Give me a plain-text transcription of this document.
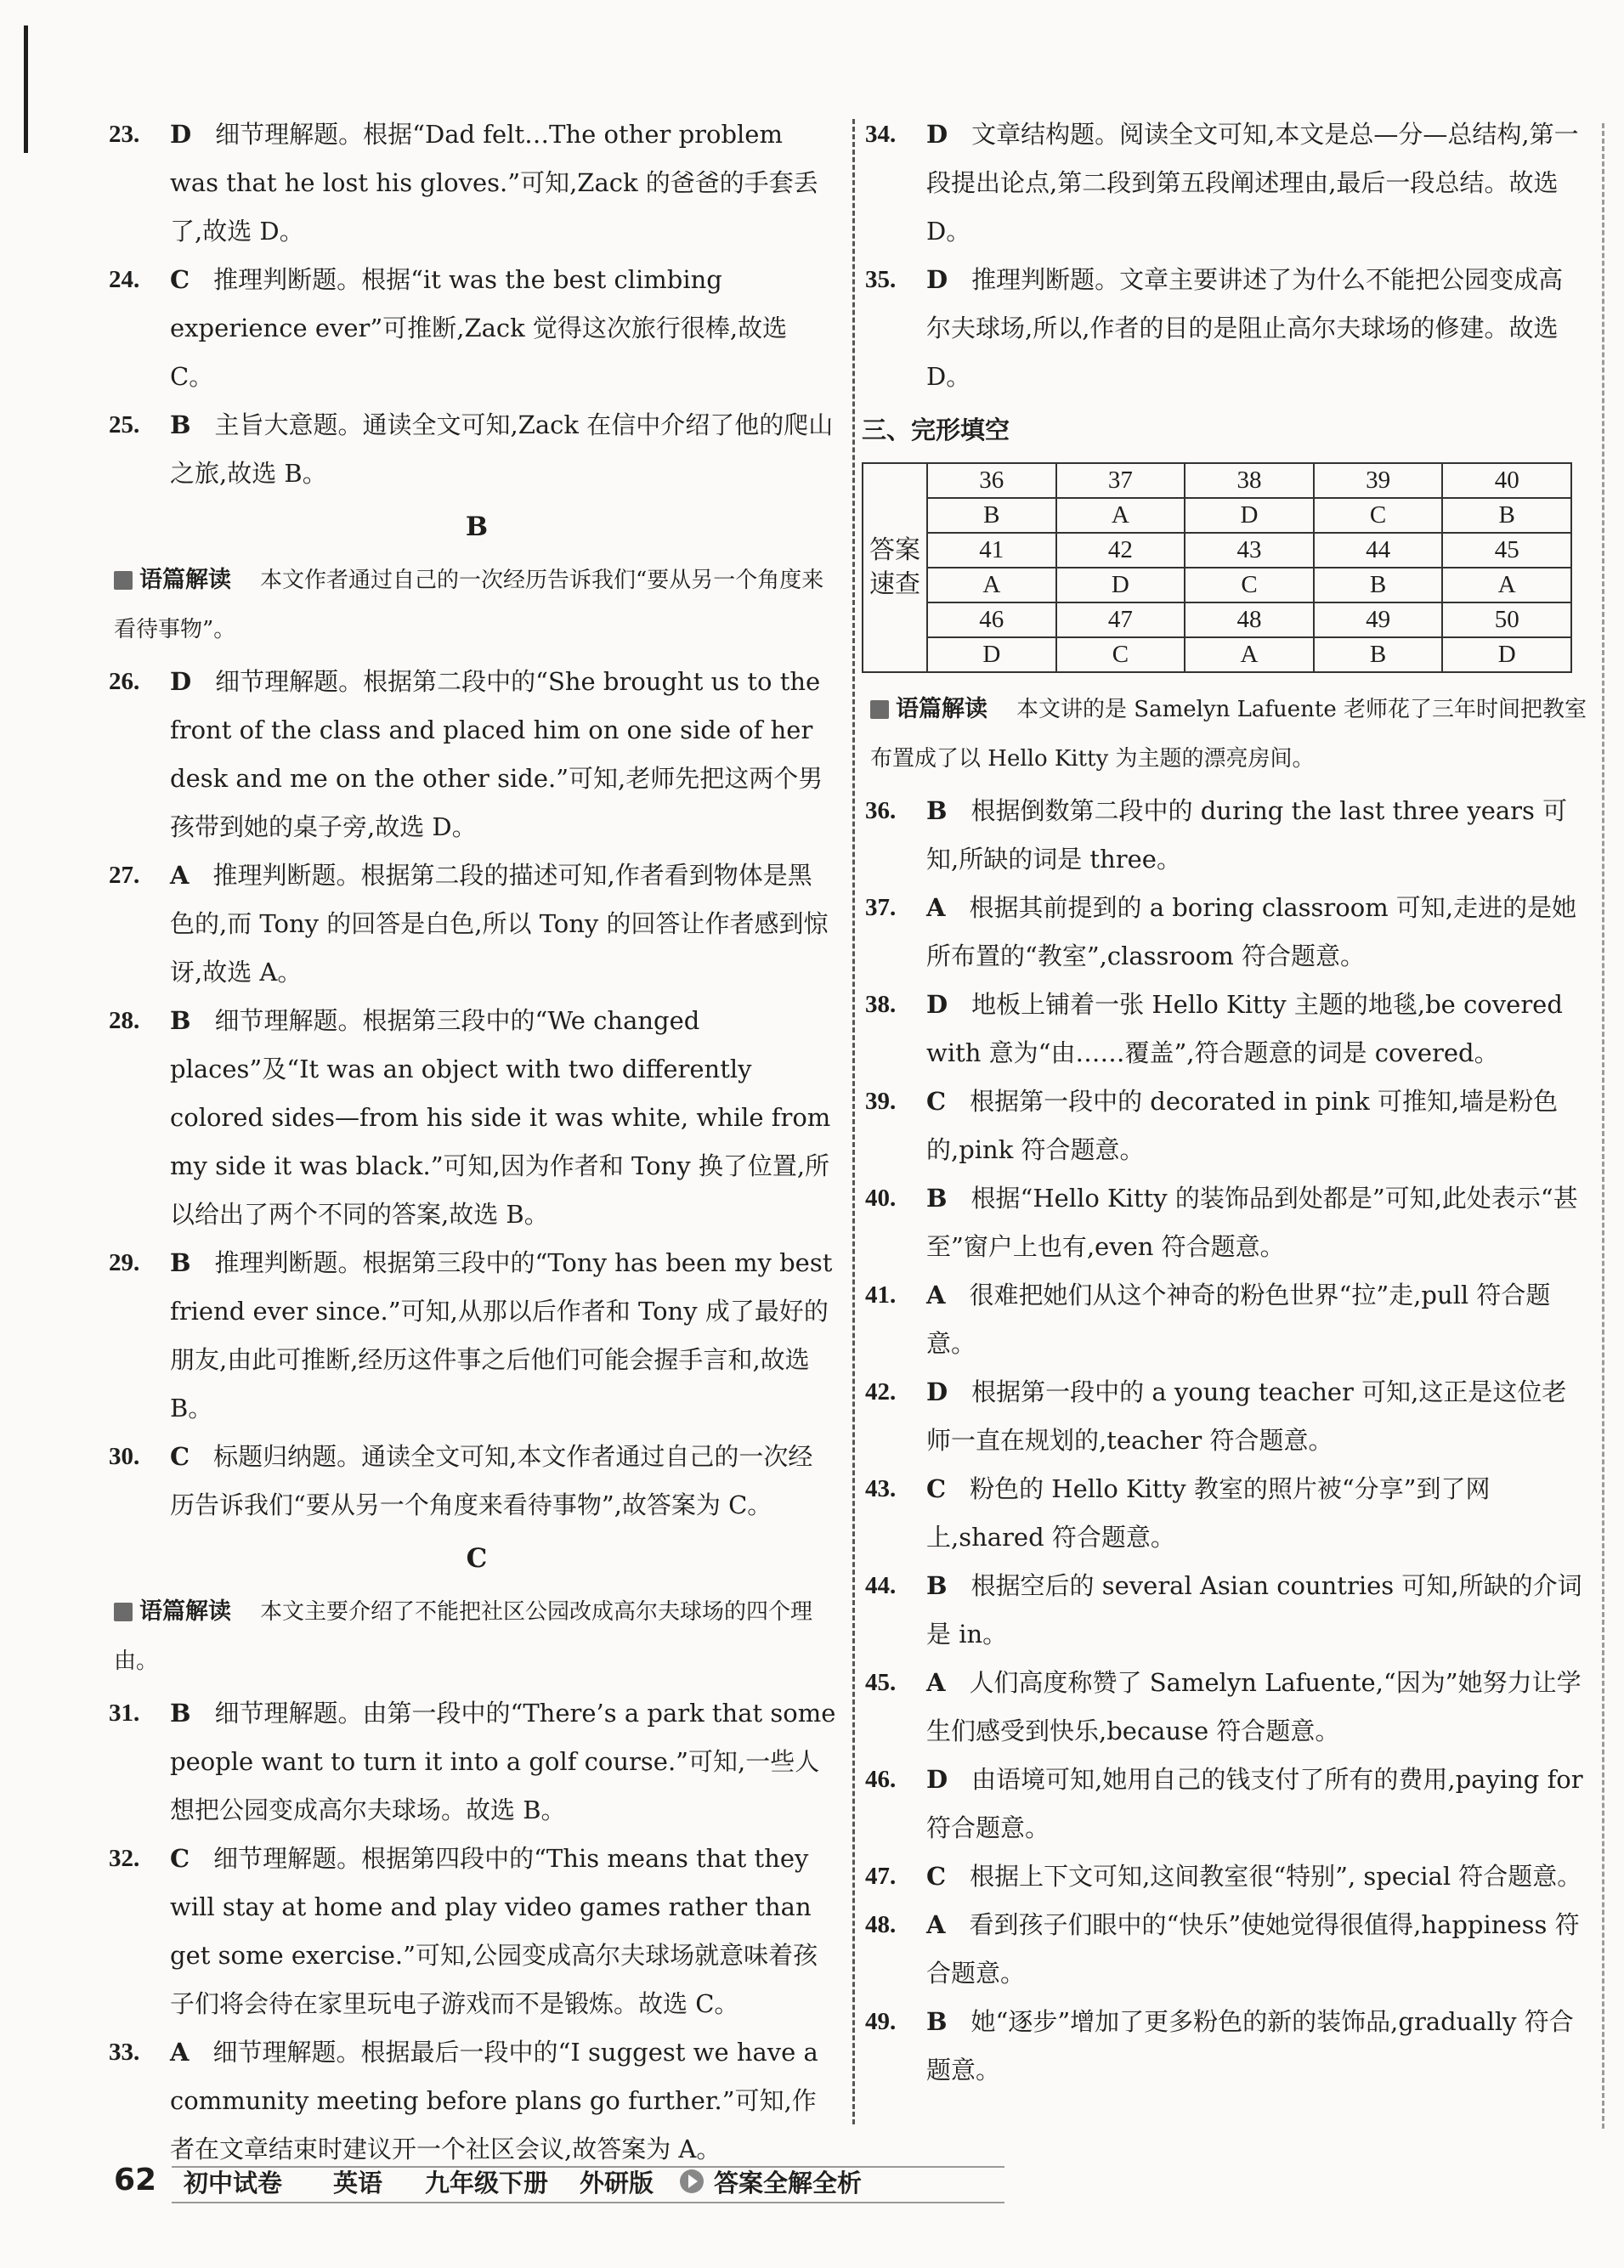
23. D 细节理解题。根据“Dad felt…The other problem was that he lost his gloves.”可知,Zack 的爸爸的手套丢了,故选 D。
24. C 推理判断题。根据“it was the best climbing experience ever”可推断,Zack 觉得这次旅行很棒,故选 C。
25. B 主旨大意题。通读全文可知,Zack 在信中介绍了他的爬山之旅,故选 B。
B
语篇解读 本文作者通过自己的一次经历告诉我们“要从另一个角度来看待事物”。
26. D 细节理解题。根据第二段中的“She brought us to the front of the class and placed him on one side of her desk and me on the other side.”可知,老师先把这两个男孩带到她的桌子旁,故选 D。
27. A 推理判断题。根据第二段的描述可知,作者看到物体是黑色的,而 Tony 的回答是白色,所以 Tony 的回答让作者感到惊讶,故选 A。
28. B 细节理解题。根据第三段中的“We changed places”及“It was an object with two differently colored sides—from his side it was white, while from my side it was black.”可知,因为作者和 Tony 换了位置,所以给出了两个不同的答案,故选 B。
29. B 推理判断题。根据第三段中的“Tony has been my best friend ever since.”可知,从那以后作者和 Tony 成了最好的朋友,由此可推断,经历这件事之后他们可能会握手言和,故选 B。
30. C 标题归纳题。通读全文可知,本文作者通过自己的一次经历告诉我们“要从另一个角度来看待事物”,故答案为 C。
C
语篇解读 本文主要介绍了不能把社区公园改成高尔夫球场的四个理由。
31. B 细节理解题。由第一段中的“There’s a park that some people want to turn it into a golf course.”可知,一些人想把公园变成高尔夫球场。故选 B。
32. C 细节理解题。根据第四段中的“This means that they will stay at home and play video games rather than get some exercise.”可知,公园变成高尔夫球场就意味着孩子们将会待在家里玩电子游戏而不是锻炼。故选 C。
33. A 细节理解题。根据最后一段中的“I suggest we have a community meeting before plans go further.”可知,作者在文章结束时建议开一个社区会议,故答案为 A。
34. D 文章结构题。阅读全文可知,本文是总—分—总结构,第一段提出论点,第二段到第五段阐述理由,最后一段总结。故选 D。
35. D 推理判断题。文章主要讲述了为什么不能把公园变成高尔夫球场,所以,作者的目的是阻止高尔夫球场的修建。故选 D。
三、完形填空
答案
速查	36	37	38	39	40
	B	A	D	C	B
	41	42	43	44	45
	A	D	C	B	A
	46	47	48	49	50
	D	C	A	B	D
语篇解读 本文讲的是 Samelyn Lafuente 老师花了三年时间把教室布置成了以 Hello Kitty 为主题的漂亮房间。
36. B 根据倒数第二段中的 during the last three years 可知,所缺的词是 three。
37. A 根据其前提到的 a boring classroom 可知,走进的是她所布置的“教室”,classroom 符合题意。
38. D 地板上铺着一张 Hello Kitty 主题的地毯,be covered with 意为“由……覆盖”,符合题意的词是 covered。
39. C 根据第一段中的 decorated in pink 可推知,墙是粉色的,pink 符合题意。
40. B 根据“Hello Kitty 的装饰品到处都是”可知,此处表示“甚至”窗户上也有,even 符合题意。
41. A 很难把她们从这个神奇的粉色世界“拉”走,pull 符合题意。
42. D 根据第一段中的 a young teacher 可知,这正是这位老师一直在规划的,teacher 符合题意。
43. C 粉色的 Hello Kitty 教室的照片被“分享”到了网上,shared 符合题意。
44. B 根据空后的 several Asian countries 可知,所缺的介词是 in。
45. A 人们高度称赞了 Samelyn Lafuente,“因为”她努力让学生们感受到快乐,because 符合题意。
46. D 由语境可知,她用自己的钱支付了所有的费用,paying for 符合题意。
47. C 根据上下文可知,这间教室很“特别”, special 符合题意。
48. A 看到孩子们眼中的“快乐”使她觉得很值得,happiness 符合题意。
49. B 她“逐步”增加了更多粉色的新的装饰品,gradually 符合题意。
62 初中试卷 英语 九年级下册 外研版 答案全解全析
